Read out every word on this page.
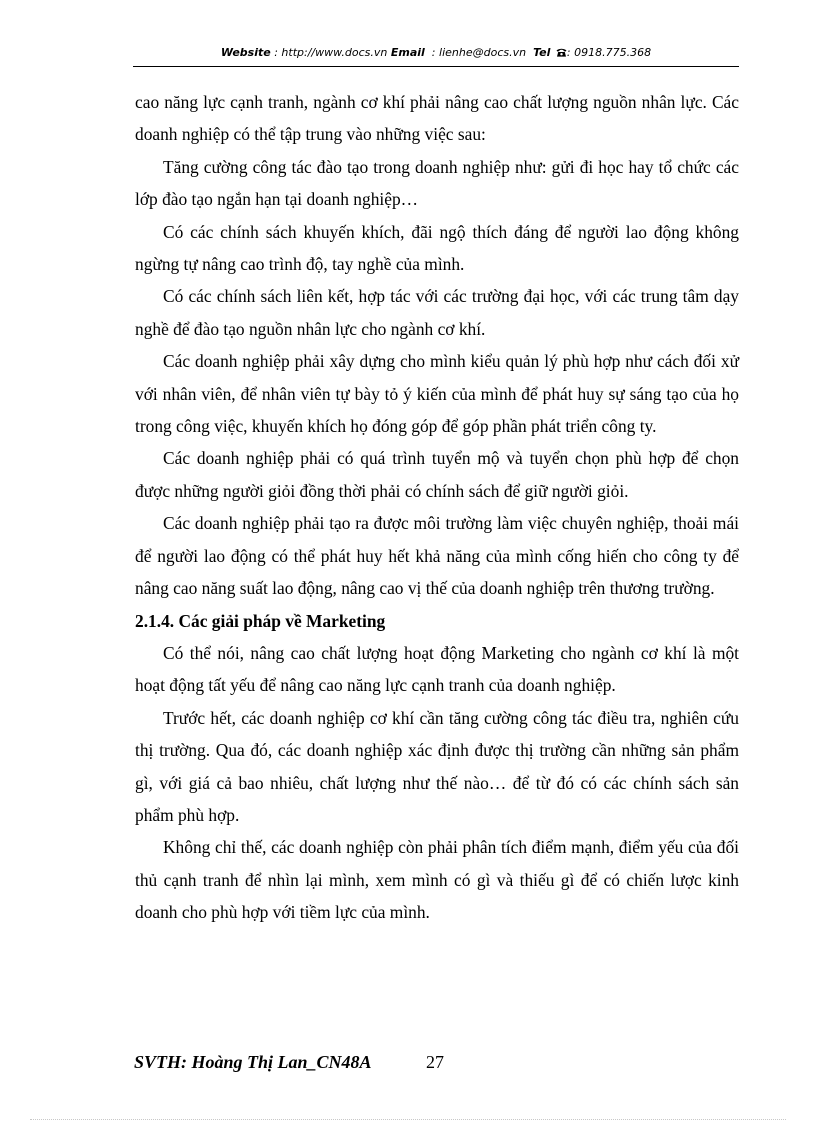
Website : http://www.docs.vn Email  : lienhe@docs.vn Tel : 0918.775.368

cao năng lực cạnh tranh, ngành cơ khí phải nâng cao chất lượng nguồn nhân lực. Các doanh nghiệp có thể tập trung vào những việc sau:

Tăng cường công tác đào tạo trong doanh nghiệp như: gửi đi học hay tổ chức các lớp đào tạo ngắn hạn tại doanh nghiệp…

Có các chính sách khuyến khích, đãi ngộ thích đáng để người lao động không ngừng tự nâng cao trình độ, tay nghề của mình.

Có các chính sách liên kết, hợp tác với các trường đại học, với các trung tâm dạy nghề để đào tạo nguồn nhân lực cho ngành cơ khí.

Các doanh nghiệp phải xây dựng cho mình kiểu quản lý phù hợp như cách đối xử với nhân viên, để nhân viên tự bày tỏ ý kiến của mình để phát huy sự sáng tạo của họ trong công việc, khuyến khích họ đóng góp để góp phần phát triển công ty.

Các doanh nghiệp phải có quá trình tuyển mộ và tuyển chọn phù hợp để chọn được những người giỏi đồng thời phải có chính sách để giữ người giỏi.

Các doanh nghiệp phải tạo ra được môi trường làm việc chuyên nghiệp, thoải mái để người lao động có thể phát huy hết khả năng của mình cống hiến cho công ty để nâng cao năng suất lao động, nâng cao vị thế của doanh nghiệp trên thương trường.

2.1.4. Các giải pháp về Marketing

Có thể nói, nâng cao chất lượng hoạt động Marketing cho ngành cơ khí là một hoạt động tất yếu để nâng cao năng lực cạnh tranh của doanh nghiệp.

Trước hết, các doanh nghiệp cơ khí cần tăng cường công tác điều tra, nghiên cứu thị trường. Qua đó, các doanh nghiệp xác định được thị trường cần những sản phẩm gì, với giá cả bao nhiêu, chất lượng như thế nào… để từ đó có các chính sách sản phẩm phù hợp.

Không chỉ thế, các doanh nghiệp còn phải phân tích điểm mạnh, điểm yếu của đối thủ cạnh tranh để nhìn lại mình, xem mình có gì và thiếu gì để có chiến lược kinh doanh cho phù hợp với tiềm lực của mình.

SVTH: Hoàng Thị Lan_CN48A	27
